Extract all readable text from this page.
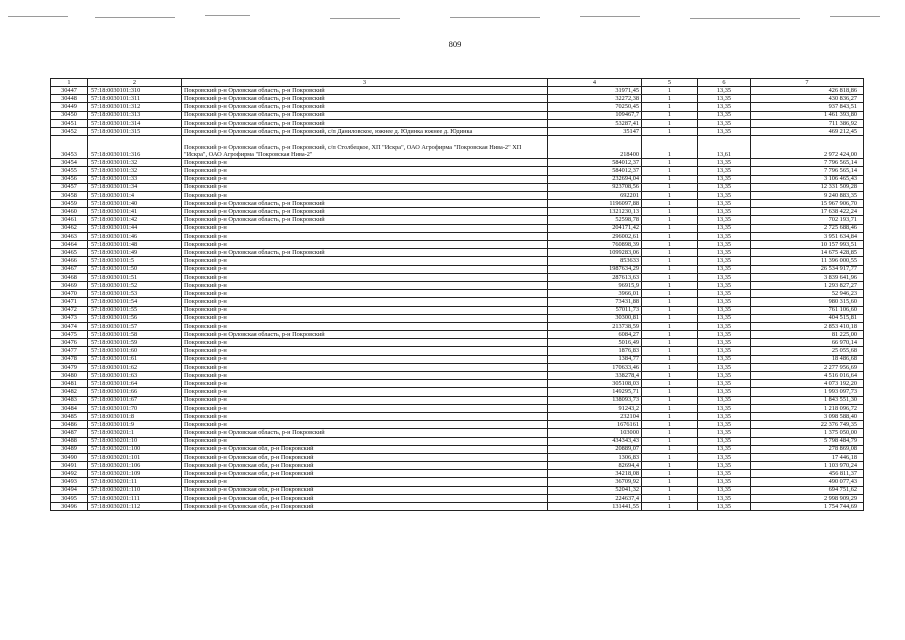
809
1	2	3	4	5	6	7
30447	57:18:0030101:310	Покровский р-н Орловская область, р-н Покровский	31971,45	1	13,35	426 818,86
30448	57:18:0030101:311	Покровский р-н Орловская область, р-н Покровский	32272,38	1	13,35	430 836,27
30449	57:18:0030101:312	Покровский р-н Орловская область, р-н Покровский	70250,45	1	13,35	937 843,51
30450	57:18:0030101:313	Покровский р-н Орловская область, р-н Покровский	109467,7	1	13,35	1 461 393,80
30451	57:18:0030101:314	Покровский р-н Орловская область, р-н Покровский	53287,41	1	13,35	711 386,92
30452	57:18:0030101:315	Покровский р-н Орловская область, р-н Покровский, с/п Даниловское, южнее д. Юдинка южнее д. Юдинка	35147	1	13,35	469 212,45
30453	57:18:0030101:316	Покровский р-н Орловская область, р-н Покровский, с/п Столбецкое, ХП "Искра", ОАО Агрофирма "Покровская Нива-2" ХП "Искра", ОАО Агрофирма "Покровская Нива-2"	218400	1	13,61	2 972 424,00
30454	57:18:0030101:32	Покровский р-н	584012,37	1	13,35	7 796 565,14
30455	57:18:0030101:32	Покровский р-н	584012,37	1	13,35	7 796 565,14
30456	57:18:0030101:33	Покровский р-н	232694,04	1	13,35	3 106 465,43
30457	57:18:0030101:34	Покровский р-н	923708,56	1	13,35	12 331 509,28
30458	57:18:0030101:4	Покровский р-н	692201	1	13,35	9 240 883,35
30459	57:18:0030101:40	Покровский р-н Орловская область, р-н Покровский	1196097,88	1	13,35	15 967 906,70
30460	57:18:0030101:41	Покровский р-н Орловская область, р-н Покровский	1321230,13	1	13,35	17 638 422,24
30461	57:18:0030101:42	Покровский р-н Орловская область, р-н Покровский	52598,78	1	13,35	702 193,71
30462	57:18:0030101:44	Покровский р-н	204171,42	1	13,35	2 725 688,46
30463	57:18:0030101:46	Покровский р-н	296002,61	1	13,35	3 951 634,84
30464	57:18:0030101:48	Покровский р-н	760898,39	1	13,35	10 157 993,51
30465	57:18:0030101:49	Покровский р-н Орловская область, р-н Покровский	1099283,06	1	13,35	14 675 428,85
30466	57:18:0030101:5	Покровский р-н	853633	1	13,35	11 396 000,55
30467	57:18:0030101:50	Покровский р-н	1987634,29	1	13,35	26 534 917,77
30468	57:18:0030101:51	Покровский р-н	287613,63	1	13,35	3 839 641,96
30469	57:18:0030101:52	Покровский р-н	96915,9	1	13,35	1 293 827,27
30470	57:18:0030101:53	Покровский р-н	3966,01	1	13,35	52 946,23
30471	57:18:0030101:54	Покровский р-н	73431,88	1	13,35	980 315,60
30472	57:18:0030101:55	Покровский р-н	57011,73	1	13,35	761 106,60
30473	57:18:0030101:56	Покровский р-н	30300,81	1	13,35	404 515,81
30474	57:18:0030101:57	Покровский р-н	213738,59	1	13,35	2 853 410,18
30475	57:18:0030101:58	Покровский р-н Орловская область, р-н Покровский	6084,27	1	13,35	81 225,00
30476	57:18:0030101:59	Покровский р-н	5016,49	1	13,35	66 970,14
30477	57:18:0030101:60	Покровский р-н	1876,83	1	13,35	25 055,68
30478	57:18:0030101:61	Покровский р-н	1384,77	1	13,35	18 486,68
30479	57:18:0030101:62	Покровский р-н	170633,46	1	13,35	2 277 956,69
30480	57:18:0030101:63	Покровский р-н	338278,4	1	13,35	4 516 016,64
30481	57:18:0030101:64	Покровский р-н	305108,03	1	13,35	4 073 192,20
30482	57:18:0030101:66	Покровский р-н	149295,71	1	13,35	1 993 097,73
30483	57:18:0030101:67	Покровский р-н	138093,73	1	13,35	1 843 551,30
30484	57:18:0030101:70	Покровский р-н	91243,2	1	13,35	1 218 096,72
30485	57:18:0030101:8	Покровский р-н	232104	1	13,35	3 098 588,40
30486	57:18:0030101:9	Покровский р-н	1676161	1	13,35	22 376 749,35
30487	57:18:0030201:1	Покровский р-н Орловская область, р-н Покровский	103000	1	13,35	1 375 050,00
30488	57:18:0030201:10	Покровский р-н	434343,43	1	13,35	5 798 484,79
30489	57:18:0030201:100	Покровский р-н Орловская обл, р-н Покровский	20889,07	1	13,35	278 869,08
30490	57:18:0030201:101	Покровский р-н Орловская обл, р-н Покровский	1306,83	1	13,35	17 446,18
30491	57:18:0030201:106	Покровский р-н Орловская обл, р-н Покровский	82694,4	1	13,35	1 103 970,24
30492	57:18:0030201:109	Покровский р-н Орловская обл, р-н Покровский	34218,08	1	13,35	456 811,37
30493	57:18:0030201:11	Покровский р-н	36709,92	1	13,35	490 077,43
30494	57:18:0030201:110	Покровский р-н Орловская обл, р-н Покровский	52041,32	1	13,35	694 751,62
30495	57:18:0030201:111	Покровский р-н Орловская обл, р-н Покровский	224637,4	1	13,35	2 998 909,29
30496	57:18:0030201:112	Покровский р-н Орловская обл, р-н Покровский	131441,55	1	13,35	1 754 744,69
